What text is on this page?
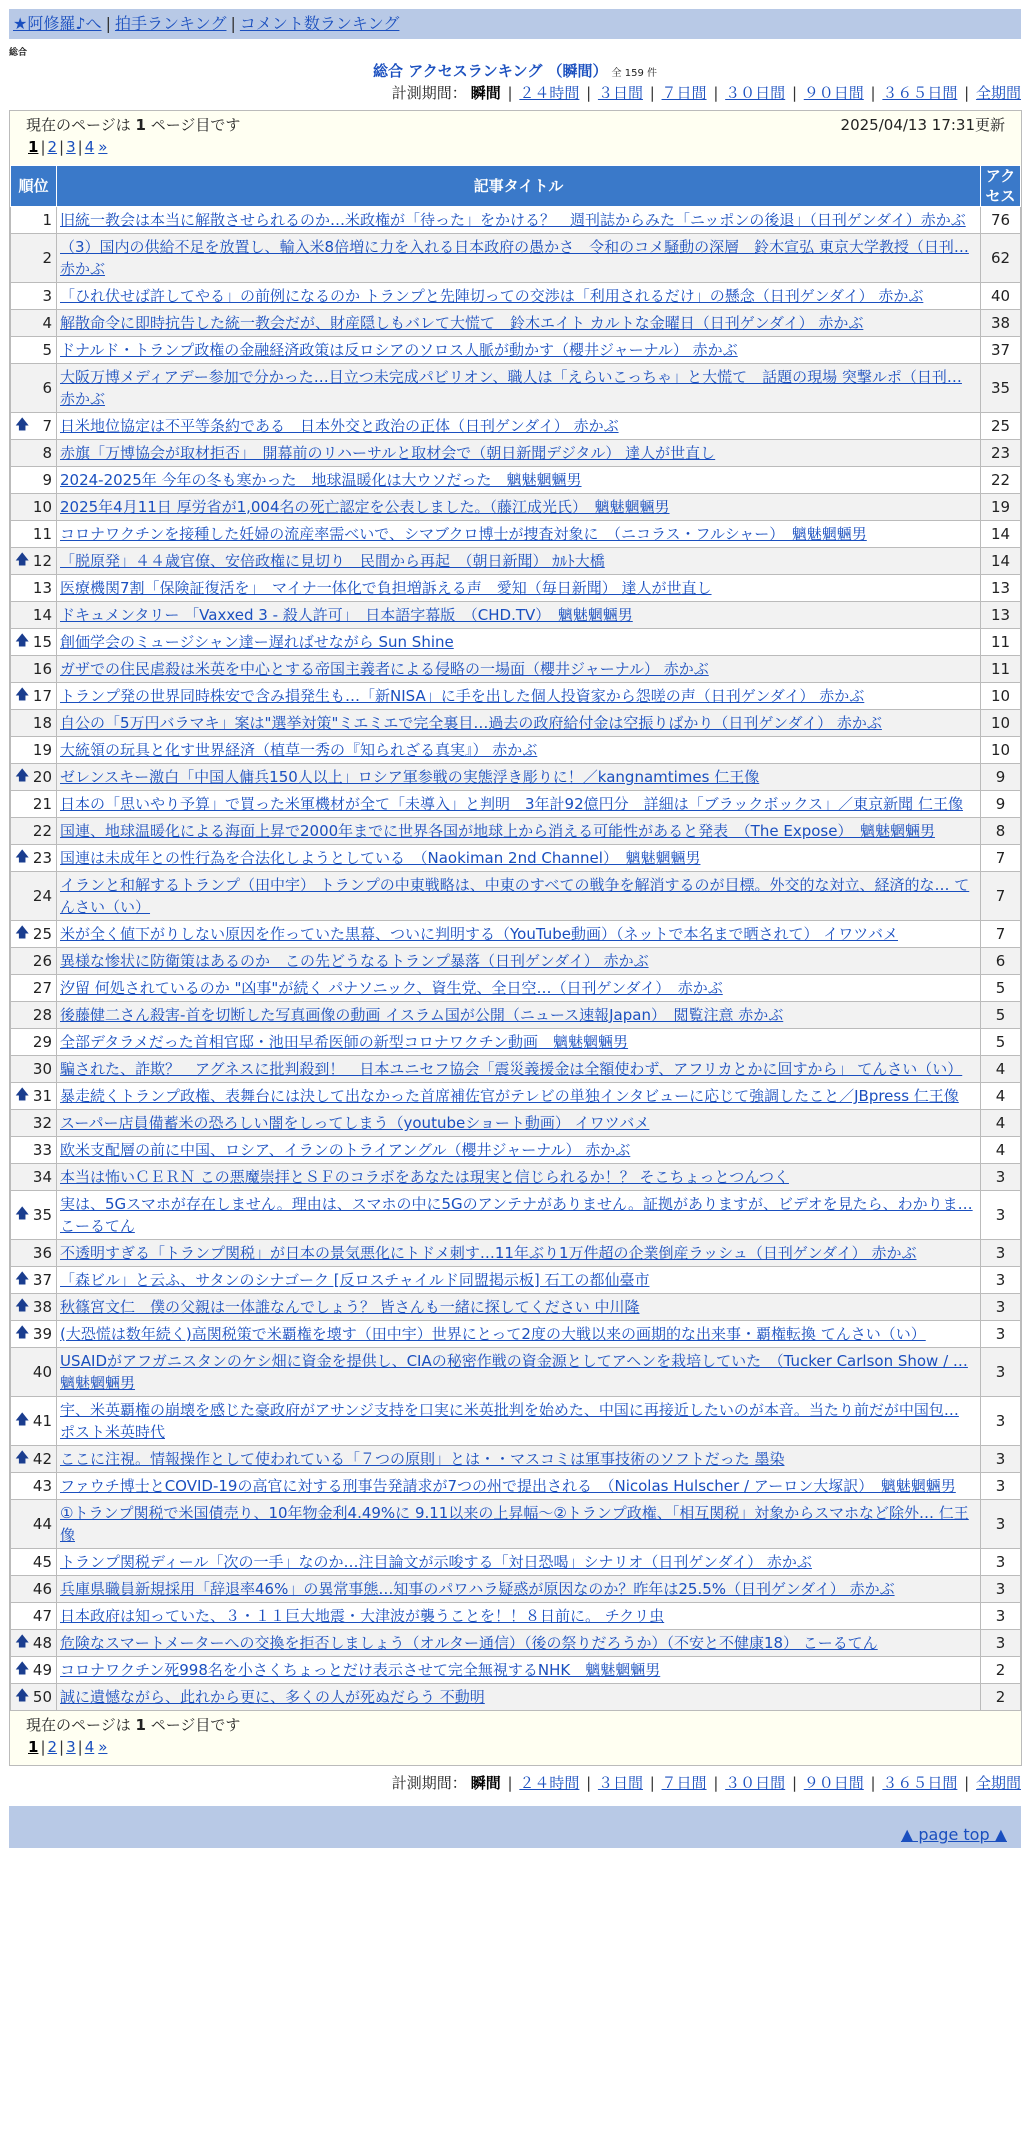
★阿修羅♪へ | 拍手ランキング | コメント数ランキング
総合
総合 アクセスランキング （瞬間） 全 159 件
計測期間： 瞬間 | ２４時間 | ３日間 | ７日間 | ３０日間 | ９０日間 | ３６５日間 | 全期間
現在のページは 1 ページ目です	2025/04/13 17:31更新
1 | 2 | 3 | 4 »
順位	記事タイトル	アクセス
1	旧統一教会は本当に解散させられるのか…米政権が「待った」をかける？　週刊誌からみた「ニッポンの後退」（日刊ゲンダイ）赤かぶ	76
2	（3）国内の供給不足を放置し、輸入米8倍増に力を入れる日本政府の愚かさ　令和のコメ騒動の深層　鈴木宣弘 東京大学教授（日刊… 赤かぶ	62
3	「ひれ伏せば許してやる」の前例になるのか トランプと先陣切っての交渉は「利用されるだけ」の懸念（日刊ゲンダイ） 赤かぶ	40
4	解散命令に即時抗告した統一教会だが、財産隠しもバレて大慌て　鈴木エイト カルトな金曜日（日刊ゲンダイ） 赤かぶ	38
5	ドナルド・トランプ政権の金融経済政策は反ロシアのソロス人脈が動かす（櫻井ジャーナル） 赤かぶ	37
6	大阪万博メディアデー参加で分かった…目立つ未完成パビリオン、職人は「えらいこっちゃ」と大慌て　話題の現場 突撃ルポ（日刊… 赤かぶ	35

🡅 7	日米地位協定は不平等条約である　日本外交と政治の正体（日刊ゲンダイ） 赤かぶ	25
8	赤旗「万博協会が取材拒否」　開幕前のリハーサルと取材会で（朝日新聞デジタル） 達人が世直し	23
9	2024-2025年 今年の冬も寒かった　地球温暖化は大ウソだった　魑魅魍魎男	22
10	2025年4月11日 厚労省が1,004名の死亡認定を公表しました。（藤江成光氏）　魑魅魍魎男	19
11	コロナワクチンを接種した妊婦の流産率需べいで、シマブクロ博士が捜査対象に　（ニコラス・フルシャー）　魑魅魍魎男	14

🡅 12	「脱原発」４４歳官僚、安倍政権に見切り　民間から再起　（朝日新聞） ｶﾙﾄ大橋	14
13	医療機関7割「保険証復活を」　マイナ一体化で負担増訴える声　愛知（毎日新聞） 達人が世直し	13
14	ドキュメンタリー 「Vaxxed 3 - 殺人許可」　日本語字幕版　（CHD.TV）　魑魅魍魎男	13

🡅 15	創価学会のミュージシャン達ー遅ればせながら Sun Shine	11
16	ガザでの住民虐殺は米英を中心とする帝国主義者による侵略の一場面（櫻井ジャーナル） 赤かぶ	11

🡅 17	トランプ発の世界同時株安で含み損発生も…「新NISA」に手を出した個人投資家から怨嗟の声（日刊ゲンダイ） 赤かぶ	10
18	自公の「5万円バラマキ」案は"選挙対策"ミエミエで完全裏目…過去の政府給付金は空振りばかり（日刊ゲンダイ） 赤かぶ	10
19	大統領の玩具と化す世界経済（植草一秀の『知られざる真実』） 赤かぶ	10

🡅 20	ゼレンスキー激白「中国人傭兵150人以上」ロシア軍参戦の実態浮き彫りに！／kangnamtimes 仁王像	9
21	日本の「思いやり予算」で買った米軍機材が全て「未導入」と判明　3年計92億円分　詳細は「ブラックボックス」／東京新聞 仁王像	9
22	国連、地球温暖化による海面上昇で2000年までに世界各国が地球上から消える可能性があると発表　（The Expose）　魑魅魍魎男	8

🡅 23	国連は未成年との性行為を合法化しようとしている　（Naokiman 2nd Channel）　魑魅魍魎男	7
24	イランと和解するトランプ（田中宇） トランプの中東戦略は、中東のすべての戦争を解消するのが目標。外交的な対立、経済的な… てんさい（い）	7

🡅 25	米が全く値下がりしない原因を作っていた黒幕、ついに判明する（YouTube動画）（ネットで本名まで晒されて） イワツバメ	7
26	異様な惨状に防衛策はあるのか　この先どうなるトランプ暴落（日刊ゲンダイ） 赤かぶ	6
27	汐留 何処されているのか "凶事"が続く パナソニック、資生党、全日空…（日刊ゲンダイ）　赤かぶ	5
28	後藤健二さん殺害-首を切断した写真画像の動画 イスラム国が公開（ニュース速報Japan）　閲覧注意 赤かぶ	5
29	全部デタラメだった首相官邸・池田早希医師の新型コロナワクチン動画　魑魅魍魎男	5
30	騙された、詐欺？　アグネスに批判殺到！　日本ユニセフ協会「震災義援金は全額使わず、アフリカとかに回すから」 てんさい（い）	4

🡅 31	暴走続くトランプ政権、表舞台には決して出なかった首席補佐官がテレビの単独インタビューに応じて強調したこと／JBpress 仁王像	4
32	スーパー店員備蓄米の恐ろしい闇をしってしまう（youtubeショート動画） イワツバメ	4
33	欧米支配層の前に中国、ロシア、イランのトライアングル（櫻井ジャーナル） 赤かぶ	4
34	本当は怖いＣＥＲＮ この悪魔崇拝とＳＦのコラボをあなたは現実と信じられるか！？ そこちょっとつんつく	3

🡅 35	実は、5Gスマホが存在しません。理由は、スマホの中に5Gのアンテナがありません。証拠がありますが、ビデオを見たら、わかりま… こーるてん	3
36	不透明すぎる「トランプ関税」が日本の景気悪化にトドメ刺す…11年ぶり1万件超の企業倒産ラッシュ（日刊ゲンダイ） 赤かぶ	3

🡅 37	「森ビル」と云ふ、サタンのシナゴーク [反ロスチャイルド同盟掲示板] 石工の都仙臺市	3

🡅 38	秋篠宮文仁　僕の父親は一体誰なんでしょう？ 皆さんも一緒に探してください 中川隆	3

🡅 39	(大恐慌は数年続く)高関税策で米覇権を壊す（田中宇）世界にとって2度の大戦以来の画期的な出来事・覇権転換 てんさい（い）	3
40	USAIDがアフガニスタンのケシ畑に資金を提供し、CIAの秘密作戦の資金源としてアヘンを栽培していた　（Tucker Carlson Show / … 魑魅魍魎男	3

🡅 41	宇、米英覇権の崩壊を感じた豪政府がアサンジ支持を口実に米英批判を始めた、中国に再接近したいのが本音。当たり前だが中国包… ポスト米英時代	3

🡅 42	ここに注視。情報操作として使われている「７つの原則」とは・・マスコミは軍事技術のソフトだった 墨染	3
43	ファウチ博士とCOVID-19の高官に対する刑事告発請求が7つの州で提出される　（Nicolas Hulscher / アーロン大塚訳）　魑魅魍魎男	3
44	①トランプ関税で米国債売り、10年物金利4.49%に 9.11以来の上昇幅～②トランプ政権、「相互関税」対象からスマホなど除外… 仁王像	3
45	トランプ関税ディール「次の一手」なのか…注目論文が示唆する「対日恐喝」シナリオ（日刊ゲンダイ） 赤かぶ	3
46	兵庫県職員新規採用「辞退率46%」の異常事態…知事のパワハラ疑惑が原因なのか？昨年は25.5%（日刊ゲンダイ） 赤かぶ	3
47	日本政府は知っていた、３・１１巨大地震・大津波が襲うことを！！８日前に。 チクリ虫	3

🡅 48	危険なスマートメーターへの交換を拒否しましょう（オルター通信）（後の祭りだろうか）（不安と不健康18） こーるてん	3

🡅 49	コロナワクチン死998名を小さくちょっとだけ表示させて完全無視するNHK　魑魅魍魎男	2

🡅 50	誠に遺憾ながら、此れから更に、多くの人が死ぬだらう 不動明	2
現在のページは 1 ページ目です
1 | 2 | 3 | 4 »
計測期間： 瞬間 | ２４時間 | ３日間 | ７日間 | ３０日間 | ９０日間 | ３６５日間 | 全期間
▲ page top ▲
